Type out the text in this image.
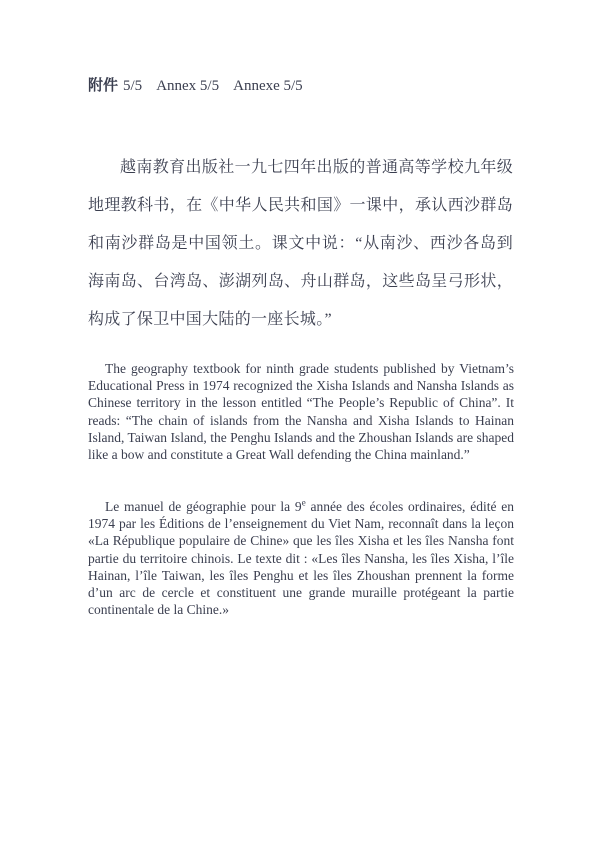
附件 5/5 Annex 5/5 Annexe 5/5

越南教育出版社一九七四年出版的普通高等学校九年级地理教科书，在《中华人民共和国》一课中，承认西沙群岛和南沙群岛是中国领土。课文中说：“从南沙、西沙各岛到海南岛、台湾岛、澎湖列岛、舟山群岛，这些岛呈弓形状，构成了保卫中国大陆的一座长城。”

The geography textbook for ninth grade students published by Vietnam’s Educational Press in 1974 recognized the Xisha Islands and Nansha Islands as Chinese territory in the lesson entitled “The People’s Republic of China”. It reads: “The chain of islands from the Nansha and Xisha Islands to Hainan Island, Taiwan Island, the Penghu Islands and the Zhoushan Islands are shaped like a bow and constitute a Great Wall defending the China mainland.”

Le manuel de géographie pour la 9e année des écoles ordinaires, édité en 1974 par les Éditions de l’enseignement du Viet Nam, reconnaît dans la leçon «La République populaire de Chine» que les îles Xisha et les îles Nansha font partie du territoire chinois. Le texte dit : «Les îles Nansha, les îles Xisha, l’île Hainan, l’île Taiwan, les îles Penghu et les îles Zhoushan prennent la forme d’un arc de cercle et constituent une grande muraille protégeant la partie continentale de la Chine.»
